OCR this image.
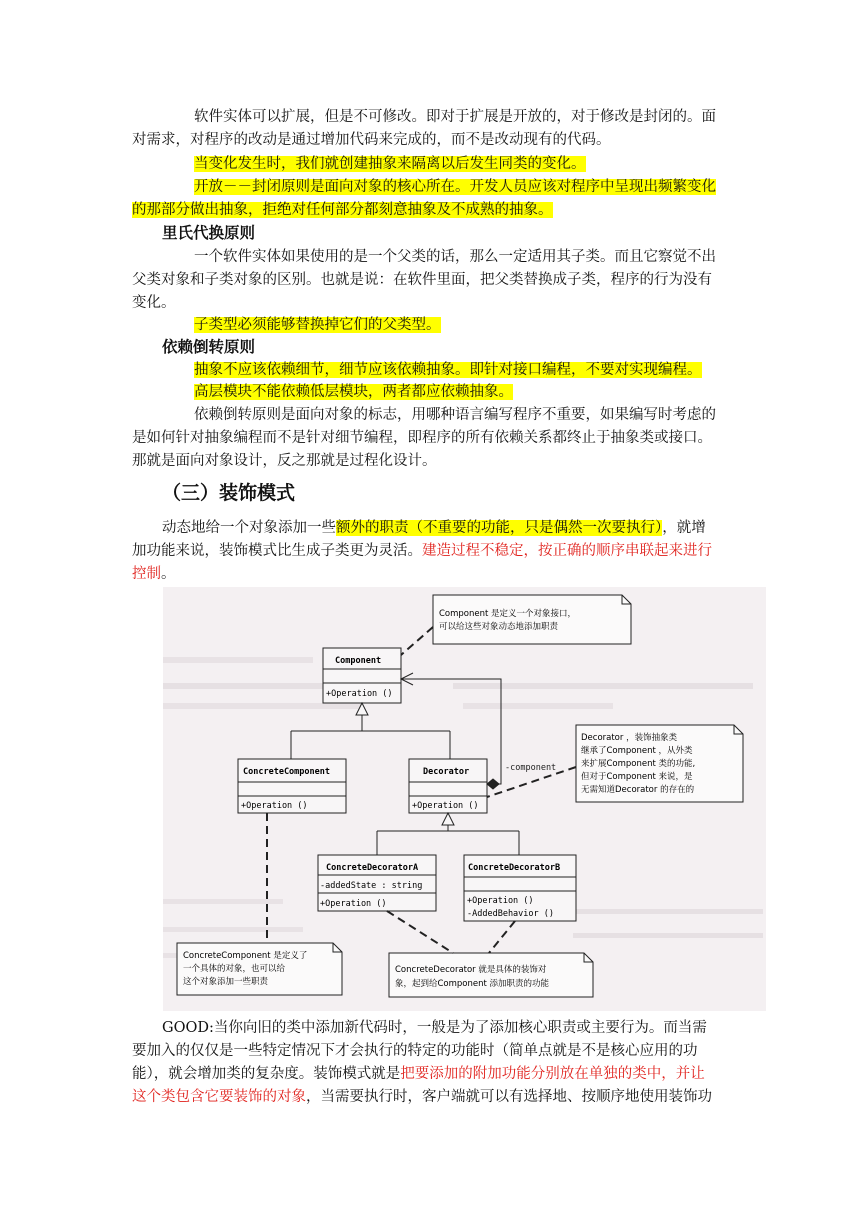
软件实体可以扩展，但是不可修改。即对于扩展是开放的，对于修改是封闭的。面
对需求，对程序的改动是通过增加代码来完成的，而不是改动现有的代码。
当变化发生时，我们就创建抽象来隔离以后发生同类的变化。
开放－－封闭原则是面向对象的核心所在。开发人员应该对程序中呈现出频繁变化
的那部分做出抽象，拒绝对任何部分都刻意抽象及不成熟的抽象。
里氏代换原则
一个软件实体如果使用的是一个父类的话，那么一定适用其子类。而且它察觉不出
父类对象和子类对象的区别。也就是说：在软件里面，把父类替换成子类，程序的行为没有
变化。
子类型必须能够替换掉它们的父类型。
依赖倒转原则
抽象不应该依赖细节，细节应该依赖抽象。即针对接口编程，不要对实现编程。
高层模块不能依赖低层模块，两者都应依赖抽象。
依赖倒转原则是面向对象的标志，用哪种语言编写程序不重要，如果编写时考虑的
是如何针对抽象编程而不是针对细节编程，即程序的所有依赖关系都终止于抽象类或接口。
那就是面向对象设计，反之那就是过程化设计。
（三）装饰模式
动态地给一个对象添加一些额外的职责（不重要的功能，只是偶然一次要执行），就增
加功能来说，装饰模式比生成子类更为灵活。建造过程不稳定，按正确的顺序串联起来进行
控制。
Component
+Operation ()
ConcreteComponent
+Operation ()
Decorator
+Operation ()
ConcreteDecoratorA
-addedState : string
+Operation ()
ConcreteDecoratorB
+Operation ()
-AddedBehavior ()
-component
Component 是定义一个对象接口，
可以给这些对象动态地添加职责
Decorator ，装饰抽象类
继承了Component ，从外类
来扩展Component 类的功能,
但对于Component 来说，是
无需知道Decorator 的存在的
ConcreteComponent 是定义了
一个具体的对象，也可以给
这个对象添加一些职责
ConcreteDecorator 就是具体的装饰对
象，起到给Component 添加职责的功能
GOOD:当你向旧的类中添加新代码时，一般是为了添加核心职责或主要行为。而当需
要加入的仅仅是一些特定情况下才会执行的特定的功能时（简单点就是不是核心应用的功
能），就会增加类的复杂度。装饰模式就是把要添加的附加功能分别放在单独的类中，并让
这个类包含它要装饰的对象，当需要执行时，客户端就可以有选择地、按顺序地使用装饰功
